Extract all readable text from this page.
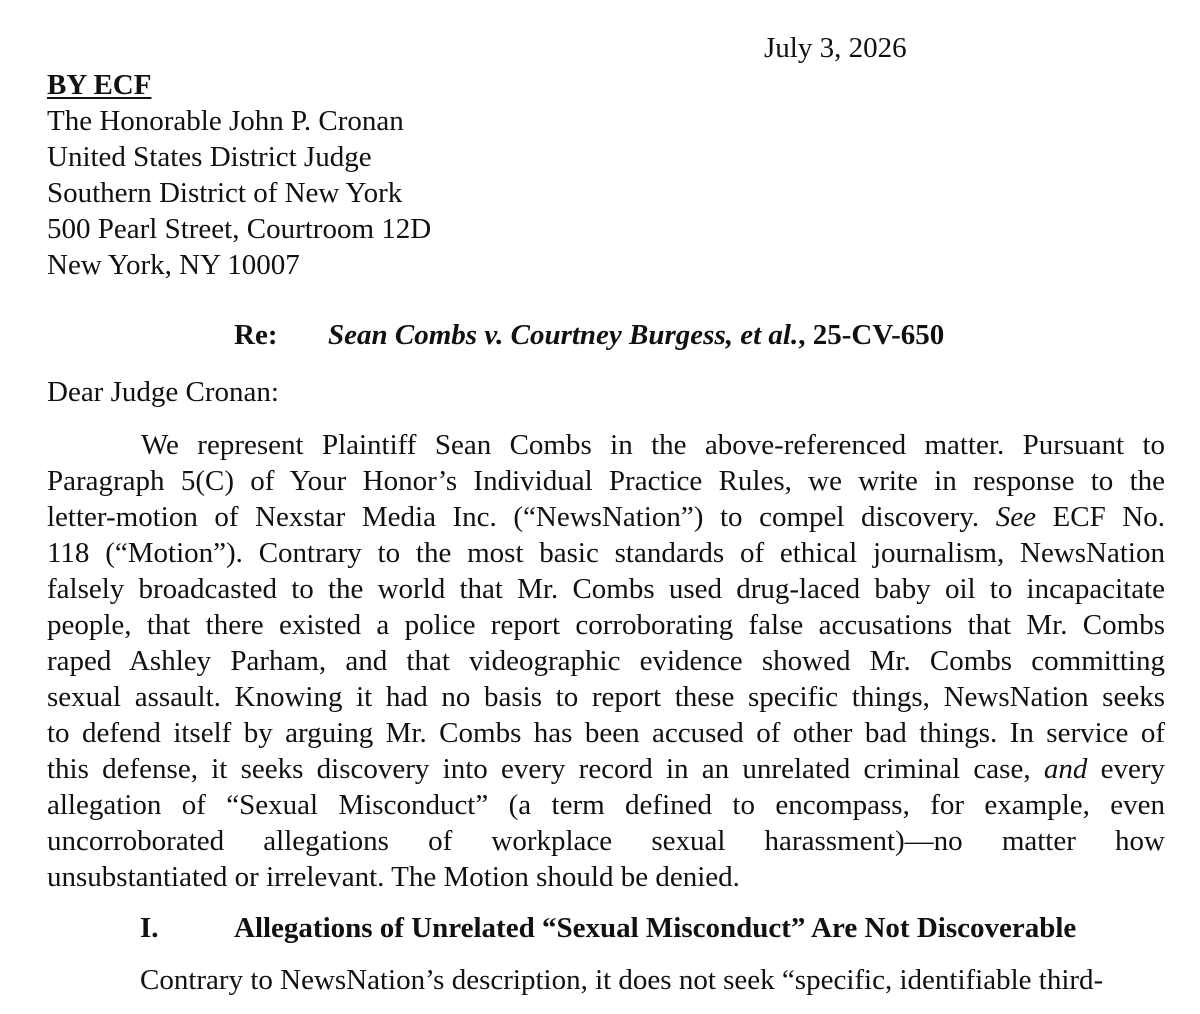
July 3, 2026
BY ECF
The Honorable John P. Cronan
United States District Judge
Southern District of New York
500 Pearl Street, Courtroom 12D
New York, NY 10007
Re: Sean Combs v. Courtney Burgess, et al., 25-CV-650
Dear Judge Cronan:
We represent Plaintiff Sean Combs in the above-referenced matter. Pursuant to
Paragraph 5(C) of Your Honor’s Individual Practice Rules, we write in response to the
letter-motion of Nexstar Media Inc. (“NewsNation”) to compel discovery. See ECF No.
118 (“Motion”). Contrary to the most basic standards of ethical journalism, NewsNation
falsely broadcasted to the world that Mr. Combs used drug-laced baby oil to incapacitate
people, that there existed a police report corroborating false accusations that Mr. Combs
raped Ashley Parham, and that videographic evidence showed Mr. Combs committing
sexual assault. Knowing it had no basis to report these specific things, NewsNation seeks
to defend itself by arguing Mr. Combs has been accused of other bad things. In service of
this defense, it seeks discovery into every record in an unrelated criminal case, and every
allegation of “Sexual Misconduct” (a term defined to encompass, for example, even
uncorroborated allegations of workplace sexual harassment)—no matter how
unsubstantiated or irrelevant. The Motion should be denied.
I.	Allegations of Unrelated “Sexual Misconduct” Are Not Discoverable
Contrary to NewsNation’s description, it does not seek “specific, identifiable third-
